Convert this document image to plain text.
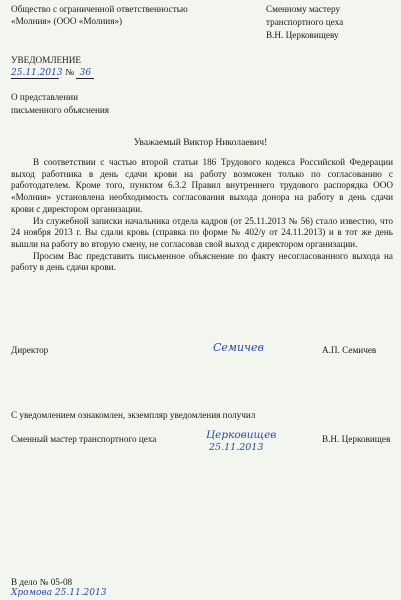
Общество с ограниченной ответственностью
«Молния» (ООО «Молния»)
Сменному мастеру
транспортного цеха
В.Н. Церковищеву
УВЕДОМЛЕНИЕ
25.11.2013 № 36
О представлении
письменного объяснения
Уважаемый Виктор Николаевич!

В соответствии с частью второй статьи 186 Трудового кодекса Российской Федерации выход работника в день сдачи крови на работу возможен только по согласованию с работодателем. Кроме того, пунктом 6.3.2 Правил внутреннего трудового распорядка ООО «Молния» установлена необходимость согласования выхода донора на работу в день сдачи крови с директором организации.

Из служебной записки начальника отдела кадров (от 25.11.2013 № 56) стало известно, что 24 ноября 2013 г. Вы сдали кровь (справка по форме № 402/у от 24.11.2013) и в тот же день вышли на работу во вторую смену, не согласовав свой выход с директором организации.

Просим Вас представить письменное объяснение по факту несогласованного выхода на работу в день сдачи крови.

Директор	Семичев	А.П. Семичев
С уведомлением ознакомлен, экземпляр уведомления получил
Сменный мастер транспортного цеха	Церковищев
25.11.2013
В.Н. Церковищев
В дело № 05-08
Хромова 25.11.2013
